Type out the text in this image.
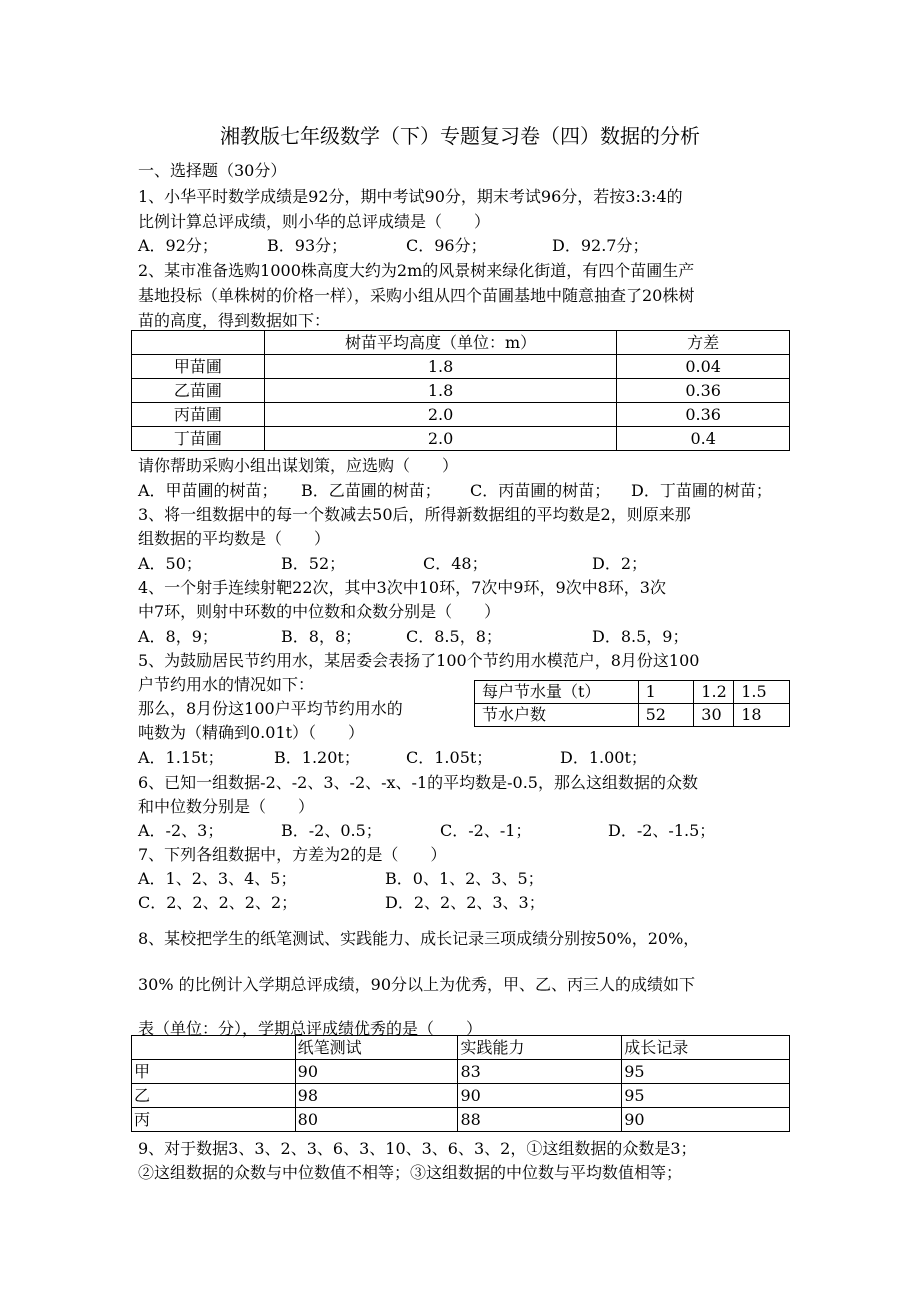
湘教版七年级数学（下）专题复习卷（四）数据的分析
一、选择题（30分）
1、小华平时数学成绩是92分，期中考试90分，期末考试96分，若按3:3:4的
比例计算总评成绩，则小华的总评成绩是（　　）
A．92分；	B．93分；	C．96分；	D．92.7分；
2、某市准备选购1000株高度大约为2m的风景树来绿化街道，有四个苗圃生产
基地投标（单株树的价格一样），采购小组从四个苗圃基地中随意抽查了20株树
苗的高度，得到数据如下：
	树苗平均高度（单位：m）	方差
甲苗圃	1.8	0.04
乙苗圃	1.8	0.36
丙苗圃	2.0	0.36
丁苗圃	2.0	0.4
请你帮助采购小组出谋划策，应选购（　　）
A．甲苗圃的树苗； B．乙苗圃的树苗； C．丙苗圃的树苗； D．丁苗圃的树苗；
3、将一组数据中的每一个数减去50后，所得新数据组的平均数是2，则原来那
组数据的平均数是（　　）
A．50；	B．52；	C．48；	D．2；
4、一个射手连续射靶22次，其中3次中10环，7次中9环，9次中8环，3次
中7环，则射中环数的中位数和众数分别是（　　）
A．8，9；	B．8，8；	C．8.5，8；	D．8.5，9；
5、为鼓励居民节约用水，某居委会表扬了100个节约用水模范户，8月份这100
户节约用水的情况如下：
那么，8月份这100户平均节约用水的
吨数为（精确到0.01t）（　　）
每户节水量（t）	1	1.2	1.5
节水户数	52	30	18
A．1.15t；	B．1.20t；	C．1.05t；	D．1.00t；
6、已知一组数据-2、-2、3、-2、-x、-1的平均数是-0.5，那么这组数据的众数
和中位数分别是（　　）
A．-2、3；	B．-2、0.5；	C．-2、-1；	D．-2、-1.5；
7、下列各组数据中，方差为2的是（　　）
A．1、2、3、4、5；	B．0、1、2、3、5；
C．2、2、2、2、2；	D．2、2、2、3、3；
8、某校把学生的纸笔测试、实践能力、成长记录三项成绩分别按50%，20%，
30% 的比例计入学期总评成绩，90分以上为优秀，甲、乙、丙三人的成绩如下
表（单位：分），学期总评成绩优秀的是（　　）
	纸笔测试	实践能力	成长记录
甲	90	83	95
乙	98	90	95
丙	80	88	90
9、对于数据3、3、2、3、6、3、10、3、6、3、2，①这组数据的众数是3；
②这组数据的众数与中位数值不相等；③这组数据的中位数与平均数值相等；
